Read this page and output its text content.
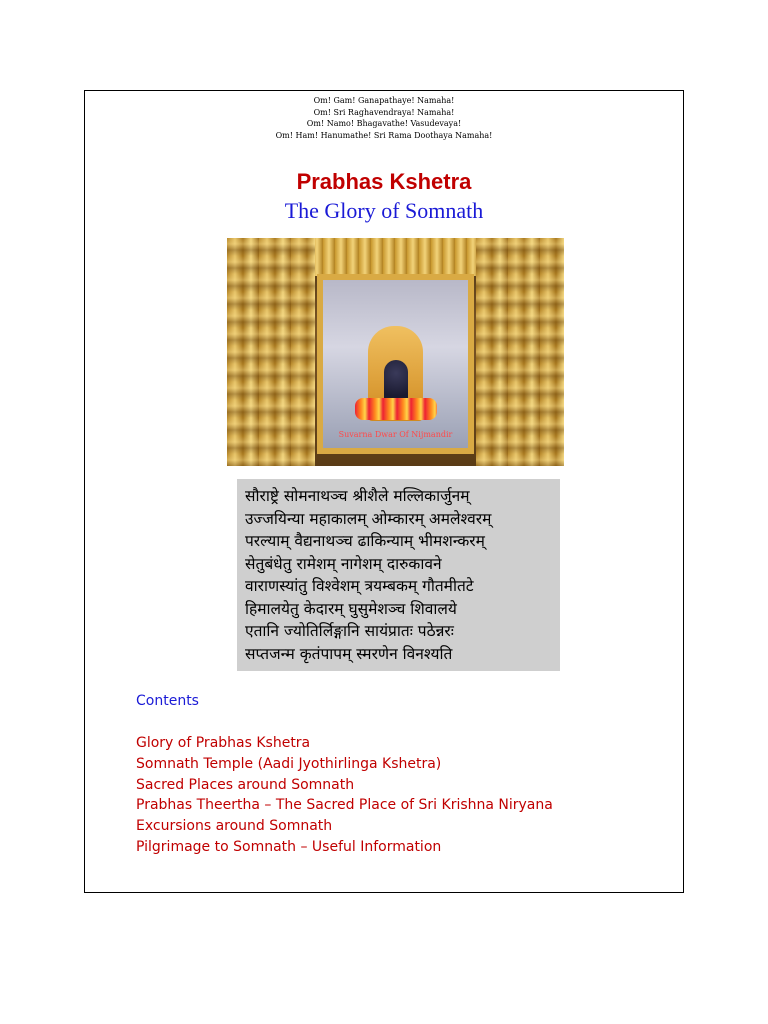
Om! Gam! Ganapathaye! Namaha!
Om! Sri Raghavendraya! Namaha!
Om! Namo! Bhagavathe! Vasudevaya!
Om! Ham! Hanumathe! Sri Rama Doothaya Namaha!
Prabhas Kshetra
The Glory of Somnath
Suvarna Dwar Of Nijmandir
सौराष्ट्रे सोमनाथञ्च श्रीशैले मल्लिकार्जुनम्
उज्जयिन्या महाकालम् ओम्कारम् अमलेश्वरम्
परल्याम् वैद्यनाथञ्च ढाकिन्याम् भीमशन्करम्
सेतुबंधेतु रामेशम् नागेशम् दारुकावने
वाराणस्यांतु विश्वेशम् त्रयम्बकम् गौतमीतटे
हिमालयेतु केदारम् घुसुमेशञ्च शिवालये
एतानि ज्योतिर्लिङ्गानि सायंप्रातः पठेन्नरः
सप्तजन्म कृतंपापम् स्मरणेन विनश्यति
Contents
Glory of Prabhas Kshetra
Somnath Temple (Aadi Jyothirlinga Kshetra)
Sacred Places around Somnath
Prabhas Theertha – The Sacred Place of Sri Krishna Niryana
Excursions around Somnath
Pilgrimage to Somnath – Useful Information
